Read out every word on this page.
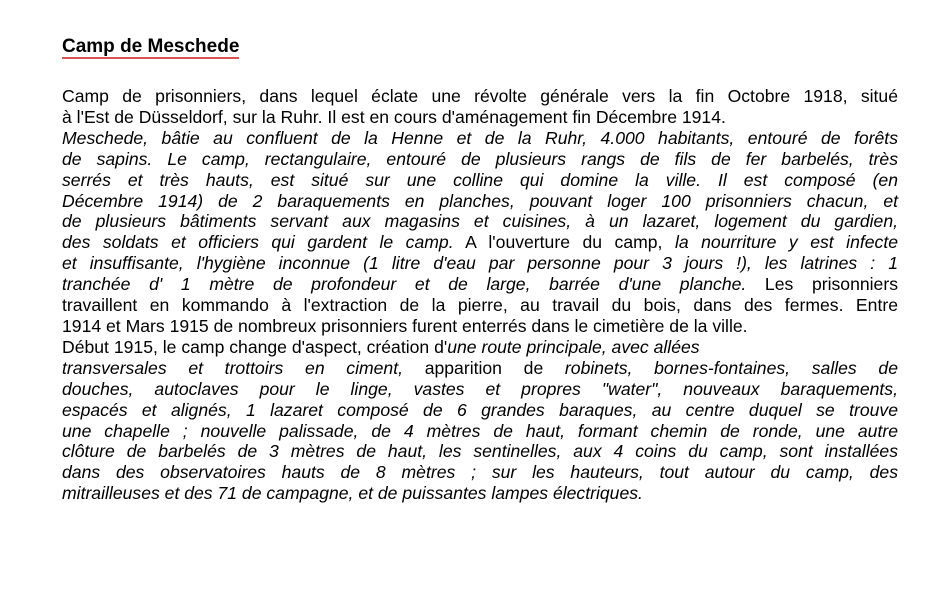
Camp de Meschede
Camp de prisonniers, dans lequel éclate une révolte générale vers la fin Octobre 1918, situé
à l'Est de Düsseldorf, sur la Ruhr. Il est en cours d'aménagement fin Décembre 1914.
Meschede, bâtie au confluent de la Henne et de la Ruhr, 4.000 habitants, entouré de forêts
de sapins. Le camp, rectangulaire, entouré de plusieurs rangs de fils de fer barbelés, très
serrés et très hauts, est situé sur une colline qui domine la ville. Il est composé (en
Décembre 1914) de 2 baraquements en planches, pouvant loger 100 prisonniers chacun, et
de plusieurs bâtiments servant aux magasins et cuisines, à un lazaret, logement du gardien,
des soldats et officiers qui gardent le camp. A l'ouverture du camp, la nourriture y est infecte
et insuffisante, l'hygiène inconnue (1 litre d'eau par personne pour 3 jours !), les latrines : 1
tranchée d' 1 mètre de profondeur et de large, barrée d'une planche. Les prisonniers
travaillent en kommando à l'extraction de la pierre, au travail du bois, dans des fermes. Entre
1914 et Mars 1915 de nombreux prisonniers furent enterrés dans le cimetière de la ville.
Début 1915, le camp change d'aspect, création d'une route principale, avec allées
transversales et trottoirs en ciment, apparition de robinets, bornes-fontaines, salles de
douches, autoclaves pour le linge, vastes et propres "water", nouveaux baraquements,
espacés et alignés, 1 lazaret composé de 6 grandes baraques, au centre duquel se trouve
une chapelle ; nouvelle palissade, de 4 mètres de haut, formant chemin de ronde, une autre
clôture de barbelés de 3 mètres de haut, les sentinelles, aux 4 coins du camp, sont installées
dans des observatoires hauts de 8 mètres ; sur les hauteurs, tout autour du camp, des
mitrailleuses et des 71 de campagne, et de puissantes lampes électriques.
